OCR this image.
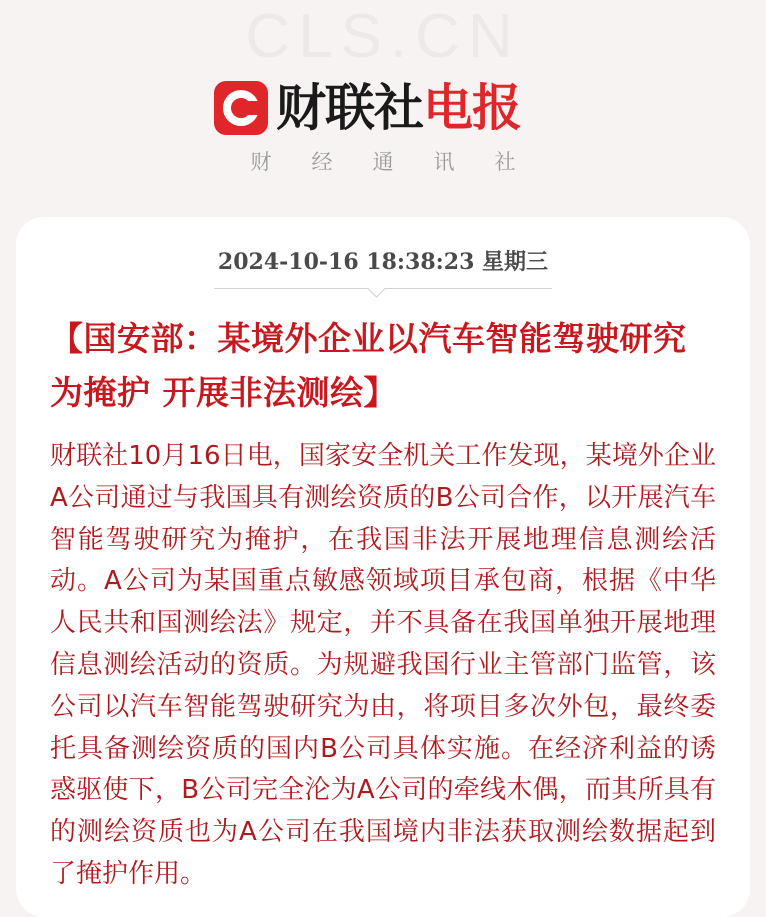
CLS.CN
财联社 电报
财经通讯社
2024-10-16 18:38:23 星期三
【国安部：某境外企业以汽车智能驾驶研究为掩护 开展非法测绘】

财联社10月16日电，国家安全机关工作发现，某境外企业A公司通过与我国具有测绘资质的B公司合作，以开展汽车智能驾驶研究为掩护，在我国非法开展地理信息测绘活动。A公司为某国重点敏感领域项目承包商，根据《中华人民共和国测绘法》规定，并不具备在我国单独开展地理信息测绘活动的资质。为规避我国行业主管部门监管，该公司以汽车智能驾驶研究为由，将项目多次外包，最终委托具备测绘资质的国内B公司具体实施。在经济利益的诱惑驱使下，B公司完全沦为A公司的牵线木偶，而其所具有的测绘资质也为A公司在我国境内非法获取测绘数据起到了掩护作用。
